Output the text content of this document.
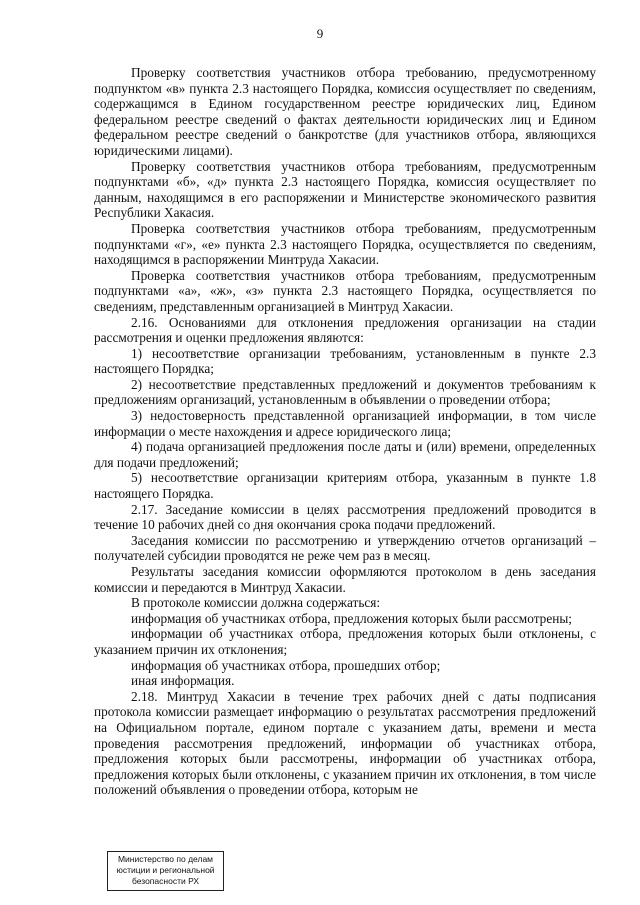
9

Проверку соответствия участников отбора требованию, предусмотренному подпунктом «в» пункта 2.3 настоящего Порядка, комиссия осуществляет по сведениям, содержащимся в Едином государственном реестре юридических лиц, Едином федеральном реестре сведений о фактах деятельности юридических лиц и Едином федеральном реестре сведений о банкротстве (для участников отбора, являющихся юридическими лицами).

Проверку соответствия участников отбора требованиям, предусмотренным подпунктами «б», «д» пункта 2.3 настоящего Порядка, комиссия осуществляет по данным, находящимся в его распоряжении и Министерстве экономического развития Республики Хакасия.

Проверка соответствия участников отбора требованиям, предусмотренным подпунктами «г», «е» пункта 2.3 настоящего Порядка, осуществляется по сведениям, находящимся в распоряжении Минтруда Хакасии.

Проверка соответствия участников отбора требованиям, предусмотренным подпунктами «а», «ж», «з» пункта 2.3 настоящего Порядка, осуществляется по сведениям, представленным организацией в Минтруд Хакасии.

2.16. Основаниями для отклонения предложения организации на стадии рассмотрения и оценки предложения являются:

1) несоответствие организации требованиям, установленным в пункте 2.3 настоящего Порядка;

2) несоответствие представленных предложений и документов требованиям к предложениям организаций, установленным в объявлении о проведении отбора;

3) недостоверность представленной организацией информации, в том числе информации о месте нахождения и адресе юридического лица;

4) подача организацией предложения после даты и (или) времени, определенных для подачи предложений;

5) несоответствие организации критериям отбора, указанным в пункте 1.8 настоящего Порядка.

2.17. Заседание комиссии в целях рассмотрения предложений проводится в течение 10 рабочих дней со дня окончания срока подачи предложений.

Заседания комиссии по рассмотрению и утверждению отчетов организаций – получателей субсидии проводятся не реже чем раз в месяц.

Результаты заседания комиссии оформляются протоколом в день заседания комиссии и передаются в Минтруд Хакасии.

В протоколе комиссии должна содержаться:

информация об участниках отбора, предложения которых были рассмотрены;

информации об участниках отбора, предложения которых были отклонены, с указанием причин их отклонения;

информация об участниках отбора, прошедших отбор;

иная информация.

2.18. Минтруд Хакасии в течение трех рабочих дней с даты подписания протокола комиссии размещает информацию о результатах рассмотрения предложений на Официальном портале, едином портале с указанием даты, времени и места проведения рассмотрения предложений, информации об участниках отбора, предложения которых были рассмотрены, информации об участниках отбора, предложения которых были отклонены, с указанием причин их отклонения, в том числе положений объявления о проведении отбора, которым не

Министерство по делам
юстиции и региональной
безопасности РХ
